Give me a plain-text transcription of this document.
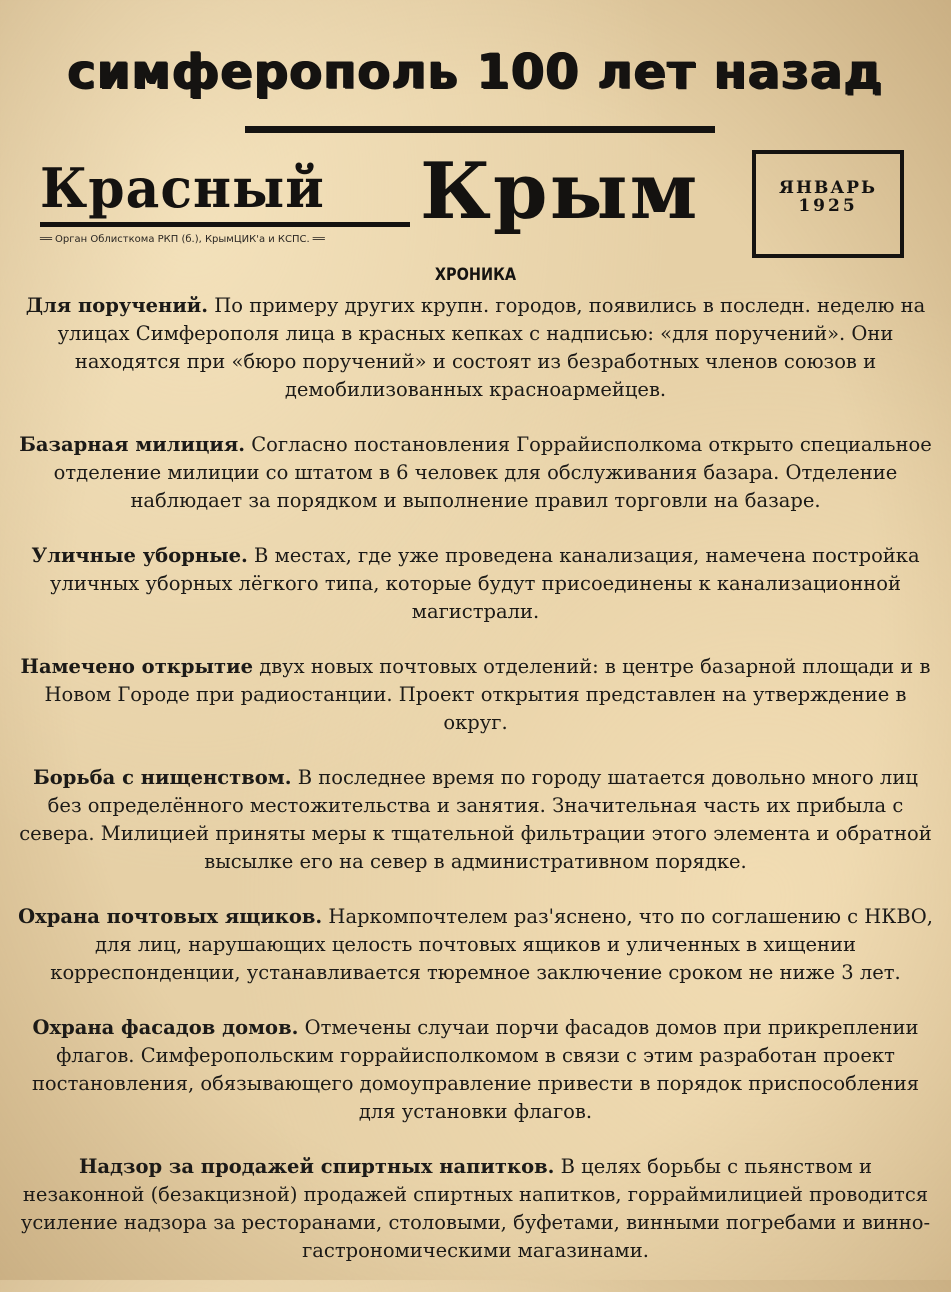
симферополь 100 лет назад
Красный
══ Орган Облисткома РКП (б.), КрымЦИК'а и КСПС. ══
Крым	ЯНВАРЬ
1925
ХРОНИКА

Для поручений. По примеру других крупн. городов, появились в последн. неделю на улицах Симферополя лица в красных кепках с надписью: «для поручений». Они находятся при «бюро поручений» и состоят из безработных членов союзов и демобилизованных красноармейцев.

Базарная милиция. Согласно постановления Горрайисполкома открыто специальное отделение милиции со штатом в 6 человек для обслуживания базара. Отделение наблюдает за порядком и выполнение правил торговли на базаре.

Уличные уборные. В местах, где уже проведена канализация, намечена постройка уличных уборных лёгкого типа, которые будут присоединены к канализационной магистрали.

Намечено открытие двух новых почтовых отделений: в центре базарной площади и в Новом Городе при радиостанции. Проект открытия представлен на утверждение в округ.

Борьба с нищенством. В последнее время по городу шатается довольно много лиц без определённого местожительства и занятия. Значительная часть их прибыла с севера. Милицией приняты меры к тщательной фильтрации этого элемента и обратной высылке его на север в административном порядке.

Охрана почтовых ящиков. Наркомпочтелем раз'яснено, что по соглашению с НКВО, для лиц, нарушающих целость почтовых ящиков и уличенных в хищении корреспонденции, устанавливается тюремное заключение сроком не ниже 3 лет.

Охрана фасадов домов. Отмечены случаи порчи фасадов домов при прикреплении флагов. Симферопольским горрайисполкомом в связи с этим разработан проект постановления, обязывающего домоуправление привести в порядок приспособления для установки флагов.

Надзор за продажей спиртных напитков. В целях борьбы с пьянством и незаконной (безакцизной) продажей спиртных напитков, горраймилицией проводится усиление надзора за ресторанами, столовыми, буфетами, винными погребами и винно-гастрономическими магазинами.
